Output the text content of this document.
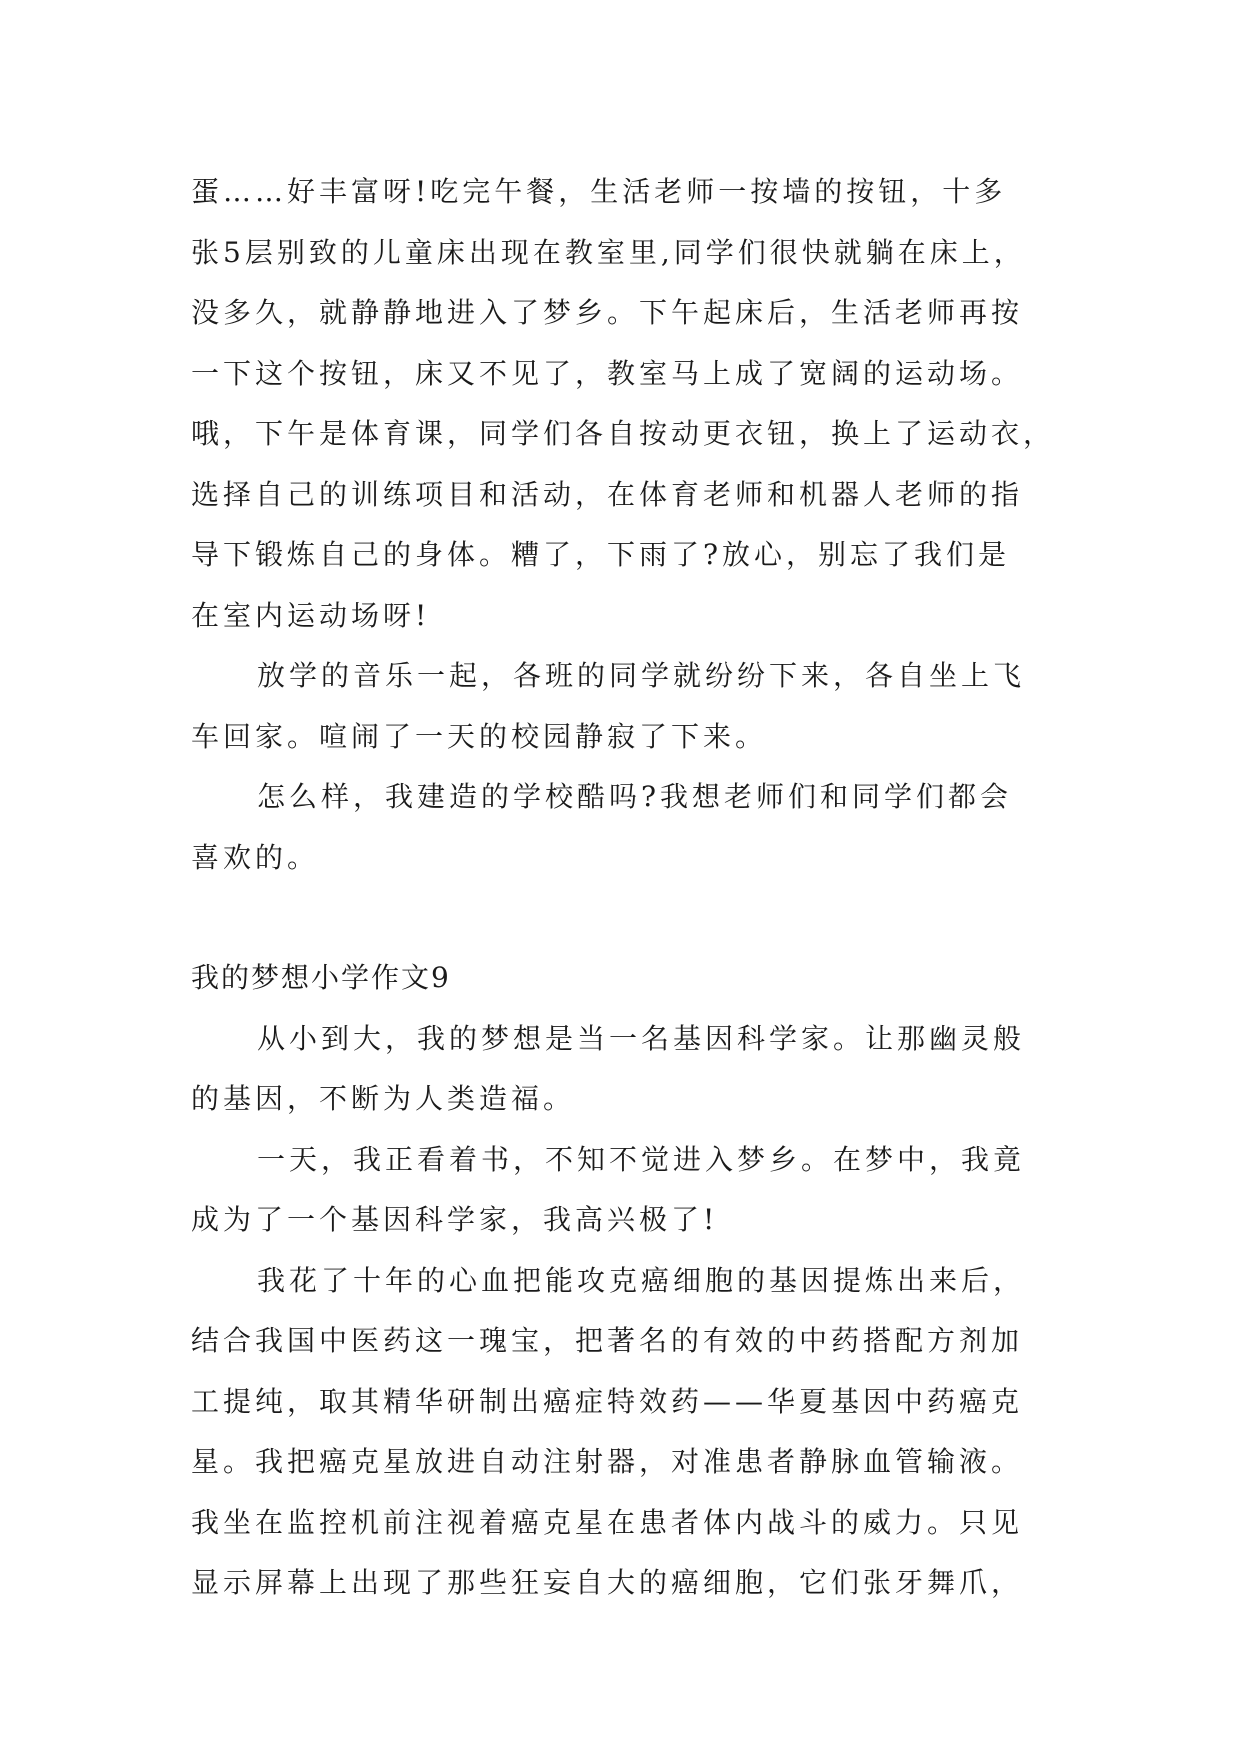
蛋……好丰富呀!吃完午餐，生活老师一按墙的按钮，十多
张5层别致的儿童床出现在教室里,同学们很快就躺在床上，
没多久，就静静地进入了梦乡。下午起床后，生活老师再按
一下这个按钮，床又不见了，教室马上成了宽阔的运动场。
哦，下午是体育课，同学们各自按动更衣钮，换上了运动衣，
选择自己的训练项目和活动，在体育老师和机器人老师的指
导下锻炼自己的身体。糟了，下雨了?放心，别忘了我们是
在室内运动场呀!
放学的音乐一起，各班的同学就纷纷下来，各自坐上飞
车回家。喧闹了一天的校园静寂了下来。
怎么样，我建造的学校酷吗?我想老师们和同学们都会
喜欢的。
我的梦想小学作文9
从小到大，我的梦想是当一名基因科学家。让那幽灵般
的基因，不断为人类造福。
一天，我正看着书，不知不觉进入梦乡。在梦中，我竟
成为了一个基因科学家，我高兴极了!
我花了十年的心血把能攻克癌细胞的基因提炼出来后，
结合我国中医药这一瑰宝，把著名的有效的中药搭配方剂加
工提纯，取其精华研制出癌症特效药——华夏基因中药癌克
星。我把癌克星放进自动注射器，对准患者静脉血管输液。
我坐在监控机前注视着癌克星在患者体内战斗的威力。只见
显示屏幕上出现了那些狂妄自大的癌细胞，它们张牙舞爪，
